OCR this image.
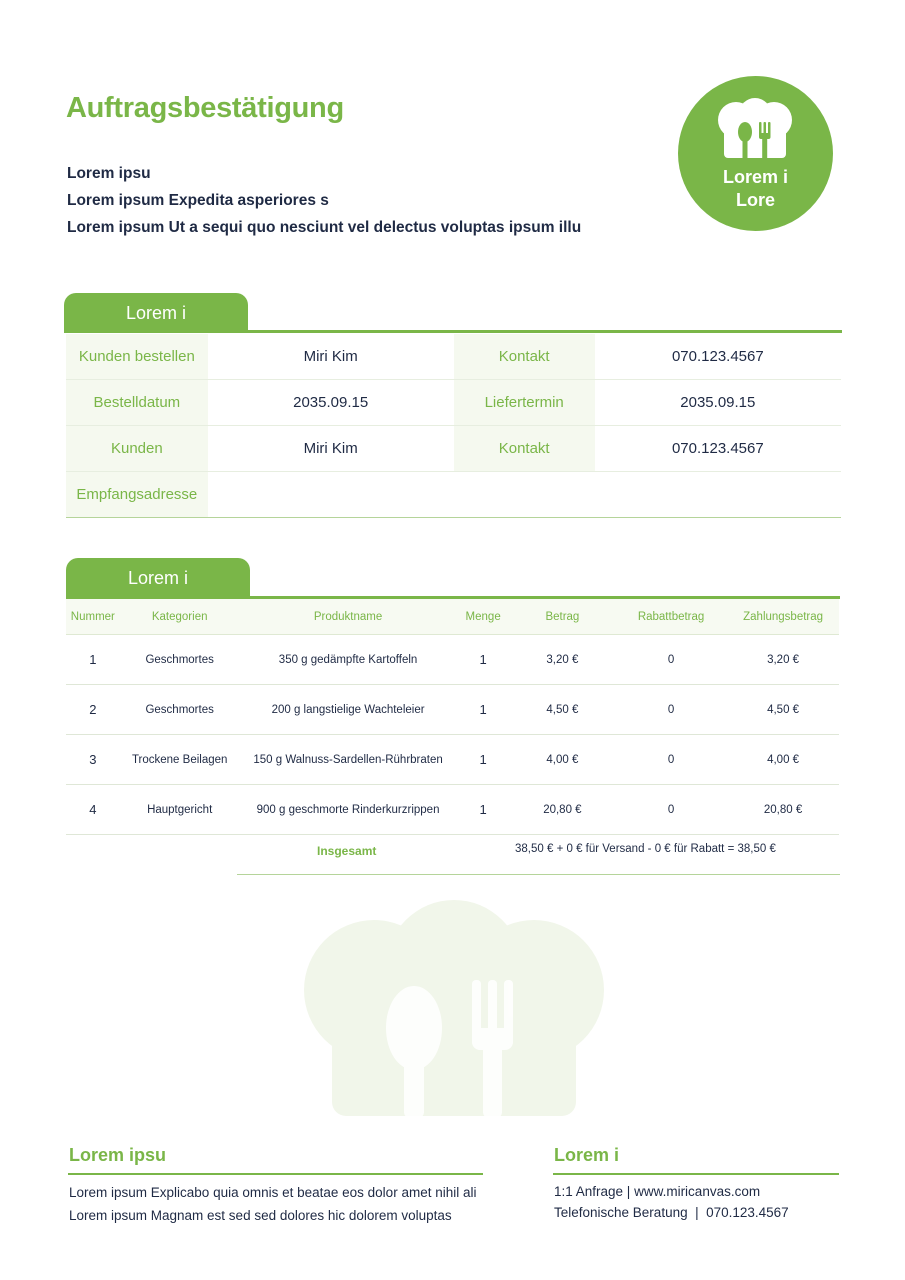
Auftragsbestätigung
Lorem ipsu
Lorem ipsum Expedita asperiores s
Lorem ipsum Ut a sequi quo nesciunt vel delectus voluptas ipsum illu
Lorem i
Lore
Lorem i
Kunden bestellen	Miri Kim	Kontakt	070.123.4567
Bestelldatum	2035.09.15	Liefertermin	2035.09.15
Kunden	Miri Kim	Kontakt	070.123.4567
Empfangsadresse			
Lorem i
Nummer	Kategorien	Produktname	Menge	Betrag	Rabattbetrag	Zahlungsbetrag
1	Geschmortes	350 g gedämpfte Kartoffeln	1	3,20 €	0	3,20 €
2	Geschmortes	200 g langstielige Wachteleier	1	4,50 €	0	4,50 €
3	Trockene Beilagen	150 g Walnuss-Sardellen-Rührbraten	1	4,00 €	0	4,00 €
4	Hauptgericht	900 g geschmorte Rinderkurzrippen	1	20,80 €	0	20,80 €
Insgesamt	38,50 € + 0 € für Versand - 0 € für Rabatt = 38,50 €
Lorem ipsu
Lorem ipsum Explicabo quia omnis et beatae eos dolor amet nihil ali
Lorem ipsum Magnam est sed sed dolores hic dolorem voluptas
Lorem i
1:1 Anfrage | www.miricanvas.com
Telefonische Beratung  |  070.123.4567
